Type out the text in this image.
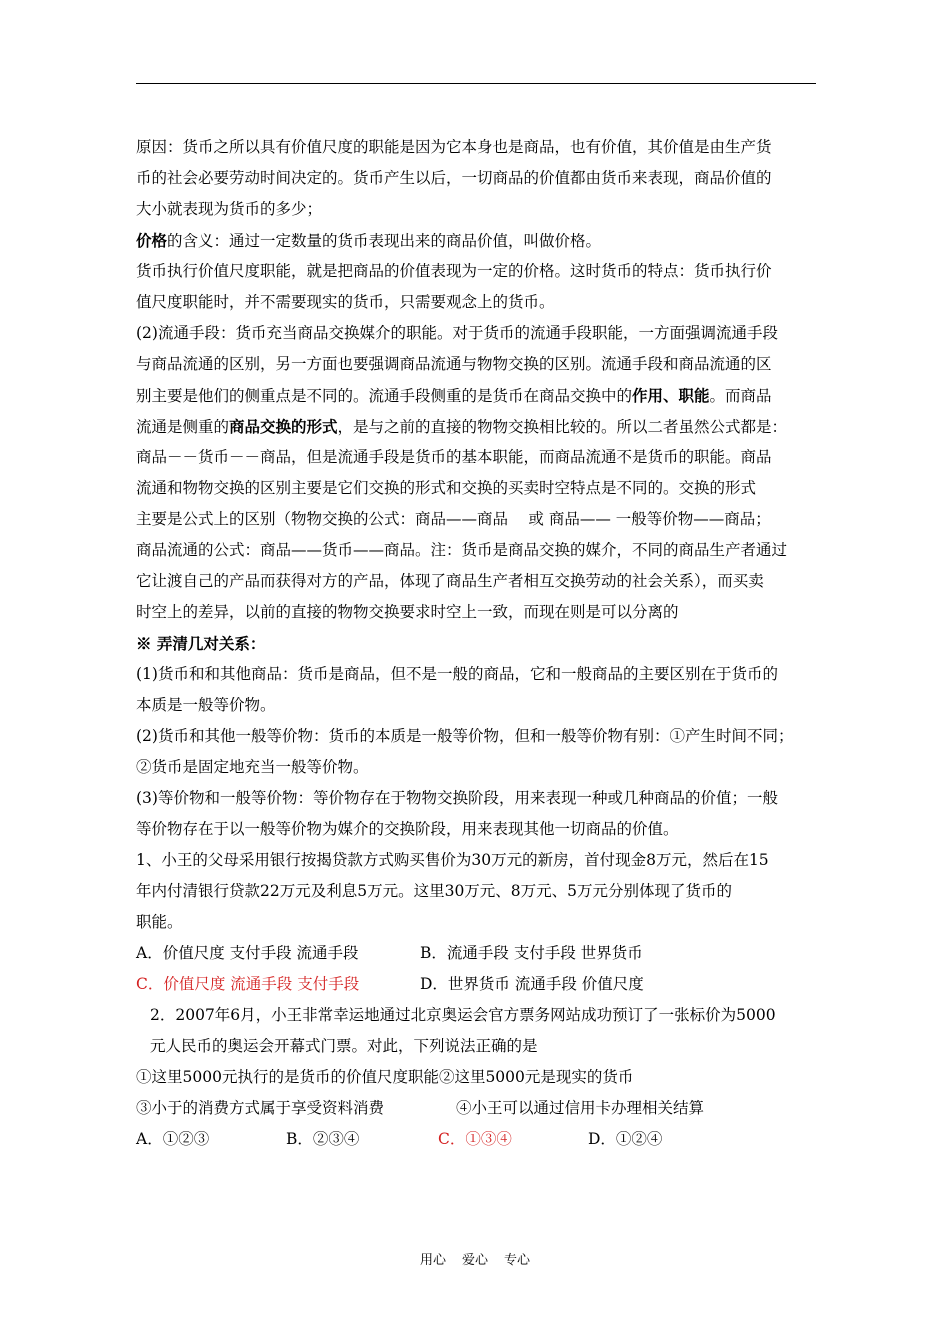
原因：货币之所以具有价值尺度的职能是因为它本身也是商品，也有价值，其价值是由生产货
币的社会必要劳动时间决定的。货币产生以后，一切商品的价值都由货币来表现，商品价值的
大小就表现为货币的多少；
价格的含义：通过一定数量的货币表现出来的商品价值，叫做价格。
货币执行价值尺度职能，就是把商品的价值表现为一定的价格。这时货币的特点：货币执行价
值尺度职能时，并不需要现实的货币，只需要观念上的货币。
(2)流通手段：货币充当商品交换媒介的职能。对于货币的流通手段职能，一方面强调流通手段
与商品流通的区别，另一方面也要强调商品流通与物物交换的区别。流通手段和商品流通的区
别主要是他们的侧重点是不同的。流通手段侧重的是货币在商品交换中的作用、职能。而商品
流通是侧重的商品交换的形式，是与之前的直接的物物交换相比较的。所以二者虽然公式都是：
商品－－货币－－商品，但是流通手段是货币的基本职能，而商品流通不是货币的职能。商品
流通和物物交换的区别主要是它们交换的形式和交换的买卖时空特点是不同的。交换的形式
主要是公式上的区别（物物交换的公式：商品——商品　 或 商品—— 一般等价物——商品；
商品流通的公式：商品——货币——商品。注：货币是商品交换的媒介，不同的商品生产者通过
它让渡自己的产品而获得对方的产品，体现了商品生产者相互交换劳动的社会关系），而买卖
时空上的差异，以前的直接的物物交换要求时空上一致，而现在则是可以分离的
※ 弄清几对关系：
(1)货币和和其他商品：货币是商品，但不是一般的商品，它和一般商品的主要区别在于货币的
本质是一般等价物。
(2)货币和其他一般等价物：货币的本质是一般等价物，但和一般等价物有别：①产生时间不同；
②货币是固定地充当一般等价物。
(3)等价物和一般等价物：等价物存在于物物交换阶段，用来表现一种或几种商品的价值；一般
等价物存在于以一般等价物为媒介的交换阶段，用来表现其他一切商品的价值。
1、小王的父母采用银行按揭贷款方式购买售价为30万元的新房，首付现金8万元，然后在15
年内付清银行贷款22万元及利息5万元。这里30万元、8万元、5万元分别体现了货币的
职能。
A．价值尺度 支付手段 流通手段	B．流通手段 支付手段 世界货币
C．价值尺度 流通手段 支付手段	D．世界货币 流通手段 价值尺度
2．2007年6月，小王非常幸运地通过北京奥运会官方票务网站成功预订了一张标价为5000
元人民币的奥运会开幕式门票。对此，下列说法正确的是
①这里5000元执行的是货币的价值尺度职能②这里5000元是现实的货币
③小于的消费方式属于享受资料消费	④小王可以通过信用卡办理相关结算
A．①②③	B．②③④	C．①③④	D．①②④
用心 爱心 专心
